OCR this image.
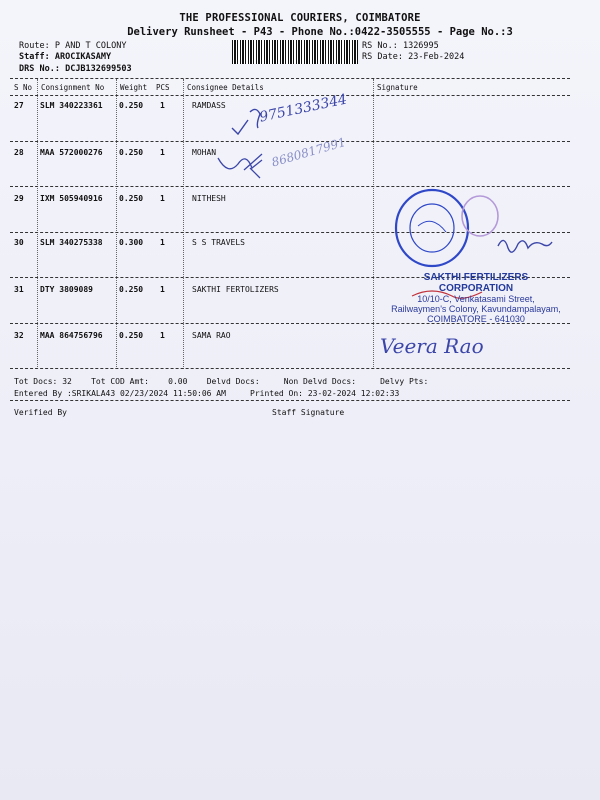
THE PROFESSIONAL COURIERS, COIMBATORE
Delivery Runsheet - P43 - Phone No.:0422-3505555 - Page No.:3
Route: P AND T COLONY
Staff: AROCIKASAMY
DRS No.: DCJB132699503
RS No.: 1326995
RS Date: 23-Feb-2024
S No Consignment No Weight PCS Consignee Details	Signature
27 SLM 340223361 0.250 1	RAMDASS
28 MAA 572000276 0.250 1	MOHAN
29 IXM 505940916 0.250 1	NITHESH
30 SLM 340275338 0.300 1	S S TRAVELS
31 DTY 3809089	0.250 1	SAKTHI FERTOLIZERS
32 MAA 864756796 0.250 1	SAMA RAO
Tot Docs: 32 Tot COD Amt: 0.00 Delvd Docs:	Non Delvd Docs:	Delvy Pts:
Entered By :SRIKALA43 02/23/2024 11:50:06 AM	Printed On: 23-02-2024 12:02:33
Verified By	Staff Signature
9751333344
8680817991
Veera Rao
SAKTHI FERTILIZERS CORPORATION
10/10-C, Venkatasami Street,
Railwaymen's Colony, Kavundampalayam,
COIMBATORE - 641030
